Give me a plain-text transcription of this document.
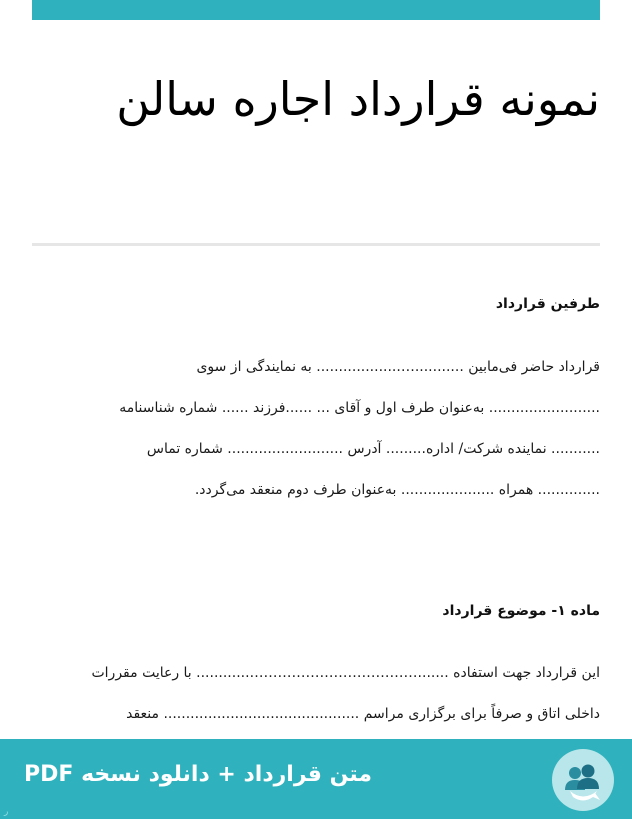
نمونه قرارداد اجاره سالن
طرفین قرارداد
قرارداد حاضر فی‌مابین ...........…................... به نمایندگی از سوی
......................... به‌عنوان طرف اول و آقای ... ......فرزند ...... شماره شناسنامه
........... نماینده شرکت/ اداره......... آدرس .......................... شماره تماس
.............. همراه ..................... به‌عنوان طرف دوم منعقد می‌گردد.
ماده ۱- موضوع قرارداد
این قرارداد جهت استفاده .......………………………………............ با رعایت مقررات
داخلی اتاق و صرفاً برای برگزاری مراسم ............................................ منعقد
متن قرارداد + دانلود نسخه PDF
ر
